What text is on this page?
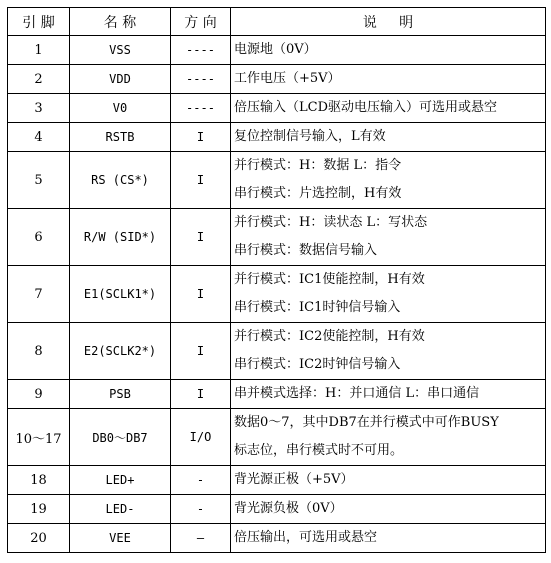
引 脚	名 称	方 向	说     明
1	VSS	----	电源地（0V）

2	VDD	----	工作电压（+5V）

3	V0	----	倍压输入（LCD驱动电压输入）可选用或悬空

4	RSTB	I	复位控制信号输入，L有效

5	RS (CS*)	I	并行模式：H：数据 L：指令
串行模式：片选控制，H有效

6	R/W (SID*)	I	并行模式：H：读状态 L：写状态
串行模式：数据信号输入

7	E1(SCLK1*)	I	并行模式：IC1使能控制，H有效
串行模式：IC1时钟信号输入

8	E2(SCLK2*)	I	并行模式：IC2使能控制，H有效
串行模式：IC2时钟信号输入

9	PSB	I	串并模式选择：H：并口通信 L：串口通信

10～17	DB0～DB7	I/O	数据0～7，其中DB7在并行模式中可作BUSY
标志位，串行模式时不可用。

18	LED+	-	背光源正极（+5V）

19	LED-	-	背光源负极（0V）

20	VEE	—	倍压输出，可选用或悬空
